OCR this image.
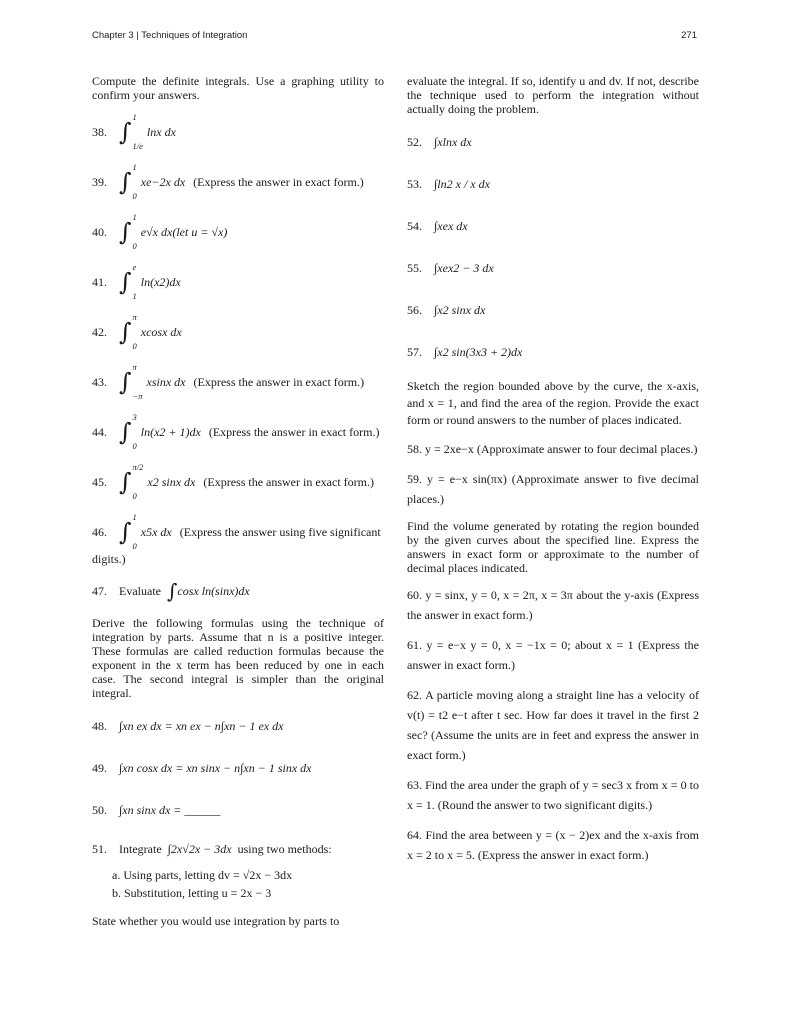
Chapter 3 | Techniques of Integration	271

Compute the definite integrals. Use a graphing utility to confirm your answers.

38. ∫
1
1/e
lnx dx
39. ∫
1
0
xe−2x dx (Express the answer in exact form.)
40. ∫
1
0
e√x dx(let u = √x)
41. ∫
e
1
ln(x2)dx
42. ∫
π
0
xcosx dx
43. ∫
π
−π
xsinx dx (Express the answer in exact form.)
44. ∫
3
0
ln(x2 + 1)dx (Express the answer in exact form.)
45. ∫
π/2
0
x2 sinx dx (Express the answer in exact form.)
46. ∫
1
0
x5x dx (Express the answer using five significant
digits.)
47.	Evaluate ∫ cosx ln(sinx)dx

Derive the following formulas using the technique of integration by parts. Assume that n is a positive integer. These formulas are called reduction formulas because the exponent in the x term has been reduced by one in each case. The second integral is simpler than the original integral.

48.	∫xn ex dx = xn ex − n∫xn − 1 ex dx
49.	∫xn cosx dx = xn sinx − n∫xn − 1 sinx dx
50.	∫xn sinx dx = ______
51.	Integrate ∫2x√2x − 3dx using two methods:
a. Using parts, letting dv = √2x − 3dx
b. Substitution, letting u = 2x − 3

State whether you would use integration by parts to

evaluate the integral. If so, identify u and dv. If not, describe the technique used to perform the integration without actually doing the problem.

52.	∫xlnx dx
53.	∫ln2 x / x dx
54.	∫xex dx
55.	∫xex2 − 3 dx
56.	∫x2 sinx dx
57.	∫x2 sin(3x3 + 2)dx

Sketch the region bounded above by the curve, the x-axis, and x = 1, and find the area of the region. Provide the exact form or round answers to the number of places indicated.

58. y = 2xe−x (Approximate answer to four decimal places.)

59. y = e−x sin(πx) (Approximate answer to five decimal places.)

Find the volume generated by rotating the region bounded by the given curves about the specified line. Express the answers in exact form or approximate to the number of decimal places indicated.

60. y = sinx, y = 0, x = 2π, x = 3π about the y-axis (Express the answer in exact form.)

61. y = e−x y = 0, x = −1x = 0; about x = 1 (Express the answer in exact form.)

62. A particle moving along a straight line has a velocity of v(t) = t2 e−t after t sec. How far does it travel in the first 2 sec? (Assume the units are in feet and express the answer in exact form.)

63. Find the area under the graph of y = sec3 x from x = 0 to x = 1. (Round the answer to two significant digits.)

64. Find the area between y = (x − 2)ex and the x-axis from x = 2 to x = 5. (Express the answer in exact form.)
